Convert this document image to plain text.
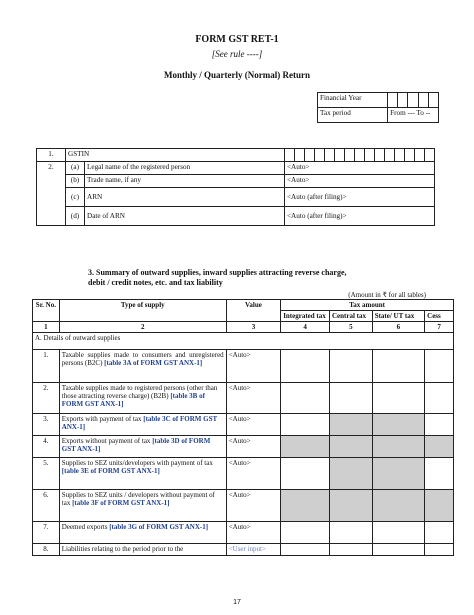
FORM GST RET-1
[See rule ----]
Monthly / Quarterly (Normal) Return
Financial Year					
Tax period	From --- To --				
1.	GSTIN																
2.	(a)	Legal name of the registered person	<Auto>														
	(b)	Trade name, if any	<Auto>														
	(c)	ARN	<Auto (after filing)>														
	(d)	Date of ARN	<Auto (after filing)>														
3. Summary of outward supplies, inward supplies attracting reverse charge,
debit / credit notes, etc. and tax liability
(Amount in ₹ for all tables)
Sr. No.	Type of supply	Value	Tax amount			
			Integrated tax	Central tax	State/ UT tax	Cess
1	2	3	4	5	6	7
A. Details of outward supplies						
1.	Taxable supplies made to consumers and unregistered persons (B2C) [table 3A of FORM GST ANX-1]	<Auto>				
2.	Taxable supplies made to registered persons (other than those attracting reverse charge) (B2B) [table 3B of FORM GST ANX-1]	<Auto>				
3.	Exports with payment of tax [table 3C of FORM GST ANX-1]	<Auto>				
4.	Exports without payment of tax [table 3D of FORM GST ANX-1]	<Auto>				
5.	Supplies to SEZ units/developers with payment of tax [table 3E of FORM GST ANX-1]	<Auto>				
6.	Supplies to SEZ units / developers without payment of tax [table 3F of FORM GST ANX-1]	<Auto>				
7.	Deemed exports [table 3G of FORM GST ANX-1]	<Auto>				
8.	Liabilities relating to the period prior to the	<User input>				
17
